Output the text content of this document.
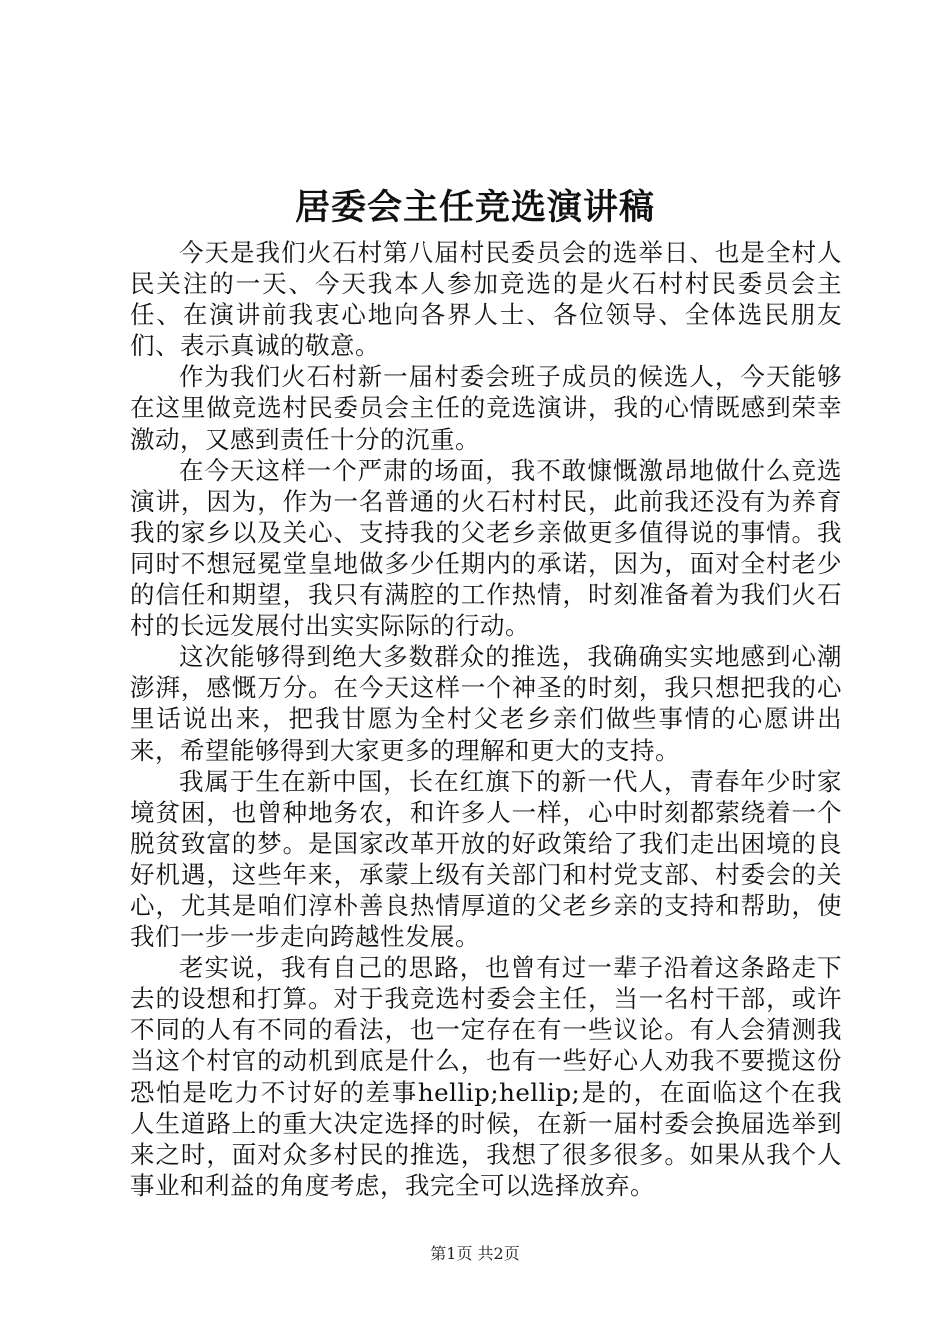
居委会主任竞选演讲稿

今天是我们火石村第八届村民委员会的选举日、也是全村人民关注的一天、今天我本人参加竞选的是火石村村民委员会主任、在演讲前我衷心地向各界人士、各位领导、全体选民朋友们、表示真诚的敬意。

作为我们火石村新一届村委会班子成员的候选人，今天能够在这里做竞选村民委员会主任的竞选演讲，我的心情既感到荣幸激动，又感到责任十分的沉重。

在今天这样一个严肃的场面，我不敢慷慨激昂地做什么竞选演讲，因为，作为一名普通的火石村村民，此前我还没有为养育我的家乡以及关心、支持我的父老乡亲做更多值得说的事情。我同时不想冠冕堂皇地做多少任期内的承诺，因为，面对全村老少的信任和期望，我只有满腔的工作热情，时刻准备着为我们火石村的长远发展付出实实际际的行动。

这次能够得到绝大多数群众的推选，我确确实实地感到心潮澎湃，感慨万分。在今天这样一个神圣的时刻，我只想把我的心里话说出来，把我甘愿为全村父老乡亲们做些事情的心愿讲出来，希望能够得到大家更多的理解和更大的支持。

我属于生在新中国，长在红旗下的新一代人，青春年少时家境贫困，也曾种地务农，和许多人一样，心中时刻都萦绕着一个脱贫致富的梦。是国家改革开放的好政策给了我们走出困境的良好机遇，这些年来，承蒙上级有关部门和村党支部、村委会的关心，尤其是咱们淳朴善良热情厚道的父老乡亲的支持和帮助，使我们一步一步走向跨越性发展。

老实说，我有自己的思路，也曾有过一辈子沿着这条路走下去的设想和打算。对于我竞选村委会主任，当一名村干部，或许不同的人有不同的看法，也一定存在有一些议论。有人会猜测我当这个村官的动机到底是什么，也有一些好心人劝我不要揽这份恐怕是吃力不讨好的差事hellip;hellip;是的，在面临这个在我人生道路上的重大决定选择的时候，在新一届村委会换届选举到来之时，面对众多村民的推选，我想了很多很多。如果从我个人事业和利益的角度考虑，我完全可以选择放弃。

第1页 共2页
